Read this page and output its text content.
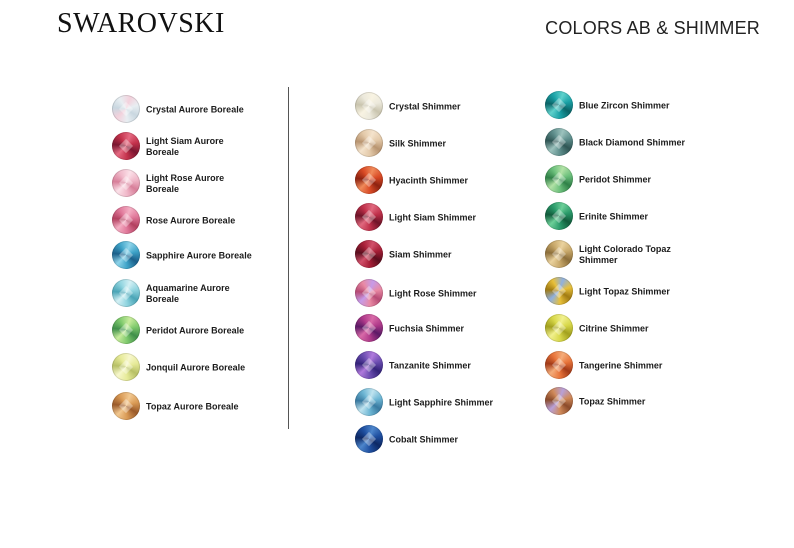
SWAROVSKI	COLORS AB & SHIMMER
Crystal Aurore Boreale
Light Siam Aurore Boreale
Light Rose Aurore Boreale
Rose Aurore Boreale
Sapphire Aurore Boreale
Aquamarine Aurore Boreale
Peridot Aurore Boreale
Jonquil Aurore Boreale
Topaz Aurore Boreale
Crystal Shimmer
Silk Shimmer
Hyacinth Shimmer
Light Siam Shimmer
Siam Shimmer
Light Rose Shimmer
Fuchsia Shimmer
Tanzanite Shimmer
Light Sapphire Shimmer
Cobalt Shimmer
Blue Zircon Shimmer
Black Diamond Shimmer
Peridot Shimmer
Erinite Shimmer
Light Colorado Topaz Shimmer
Light Topaz Shimmer
Citrine Shimmer
Tangerine Shimmer
Topaz Shimmer
